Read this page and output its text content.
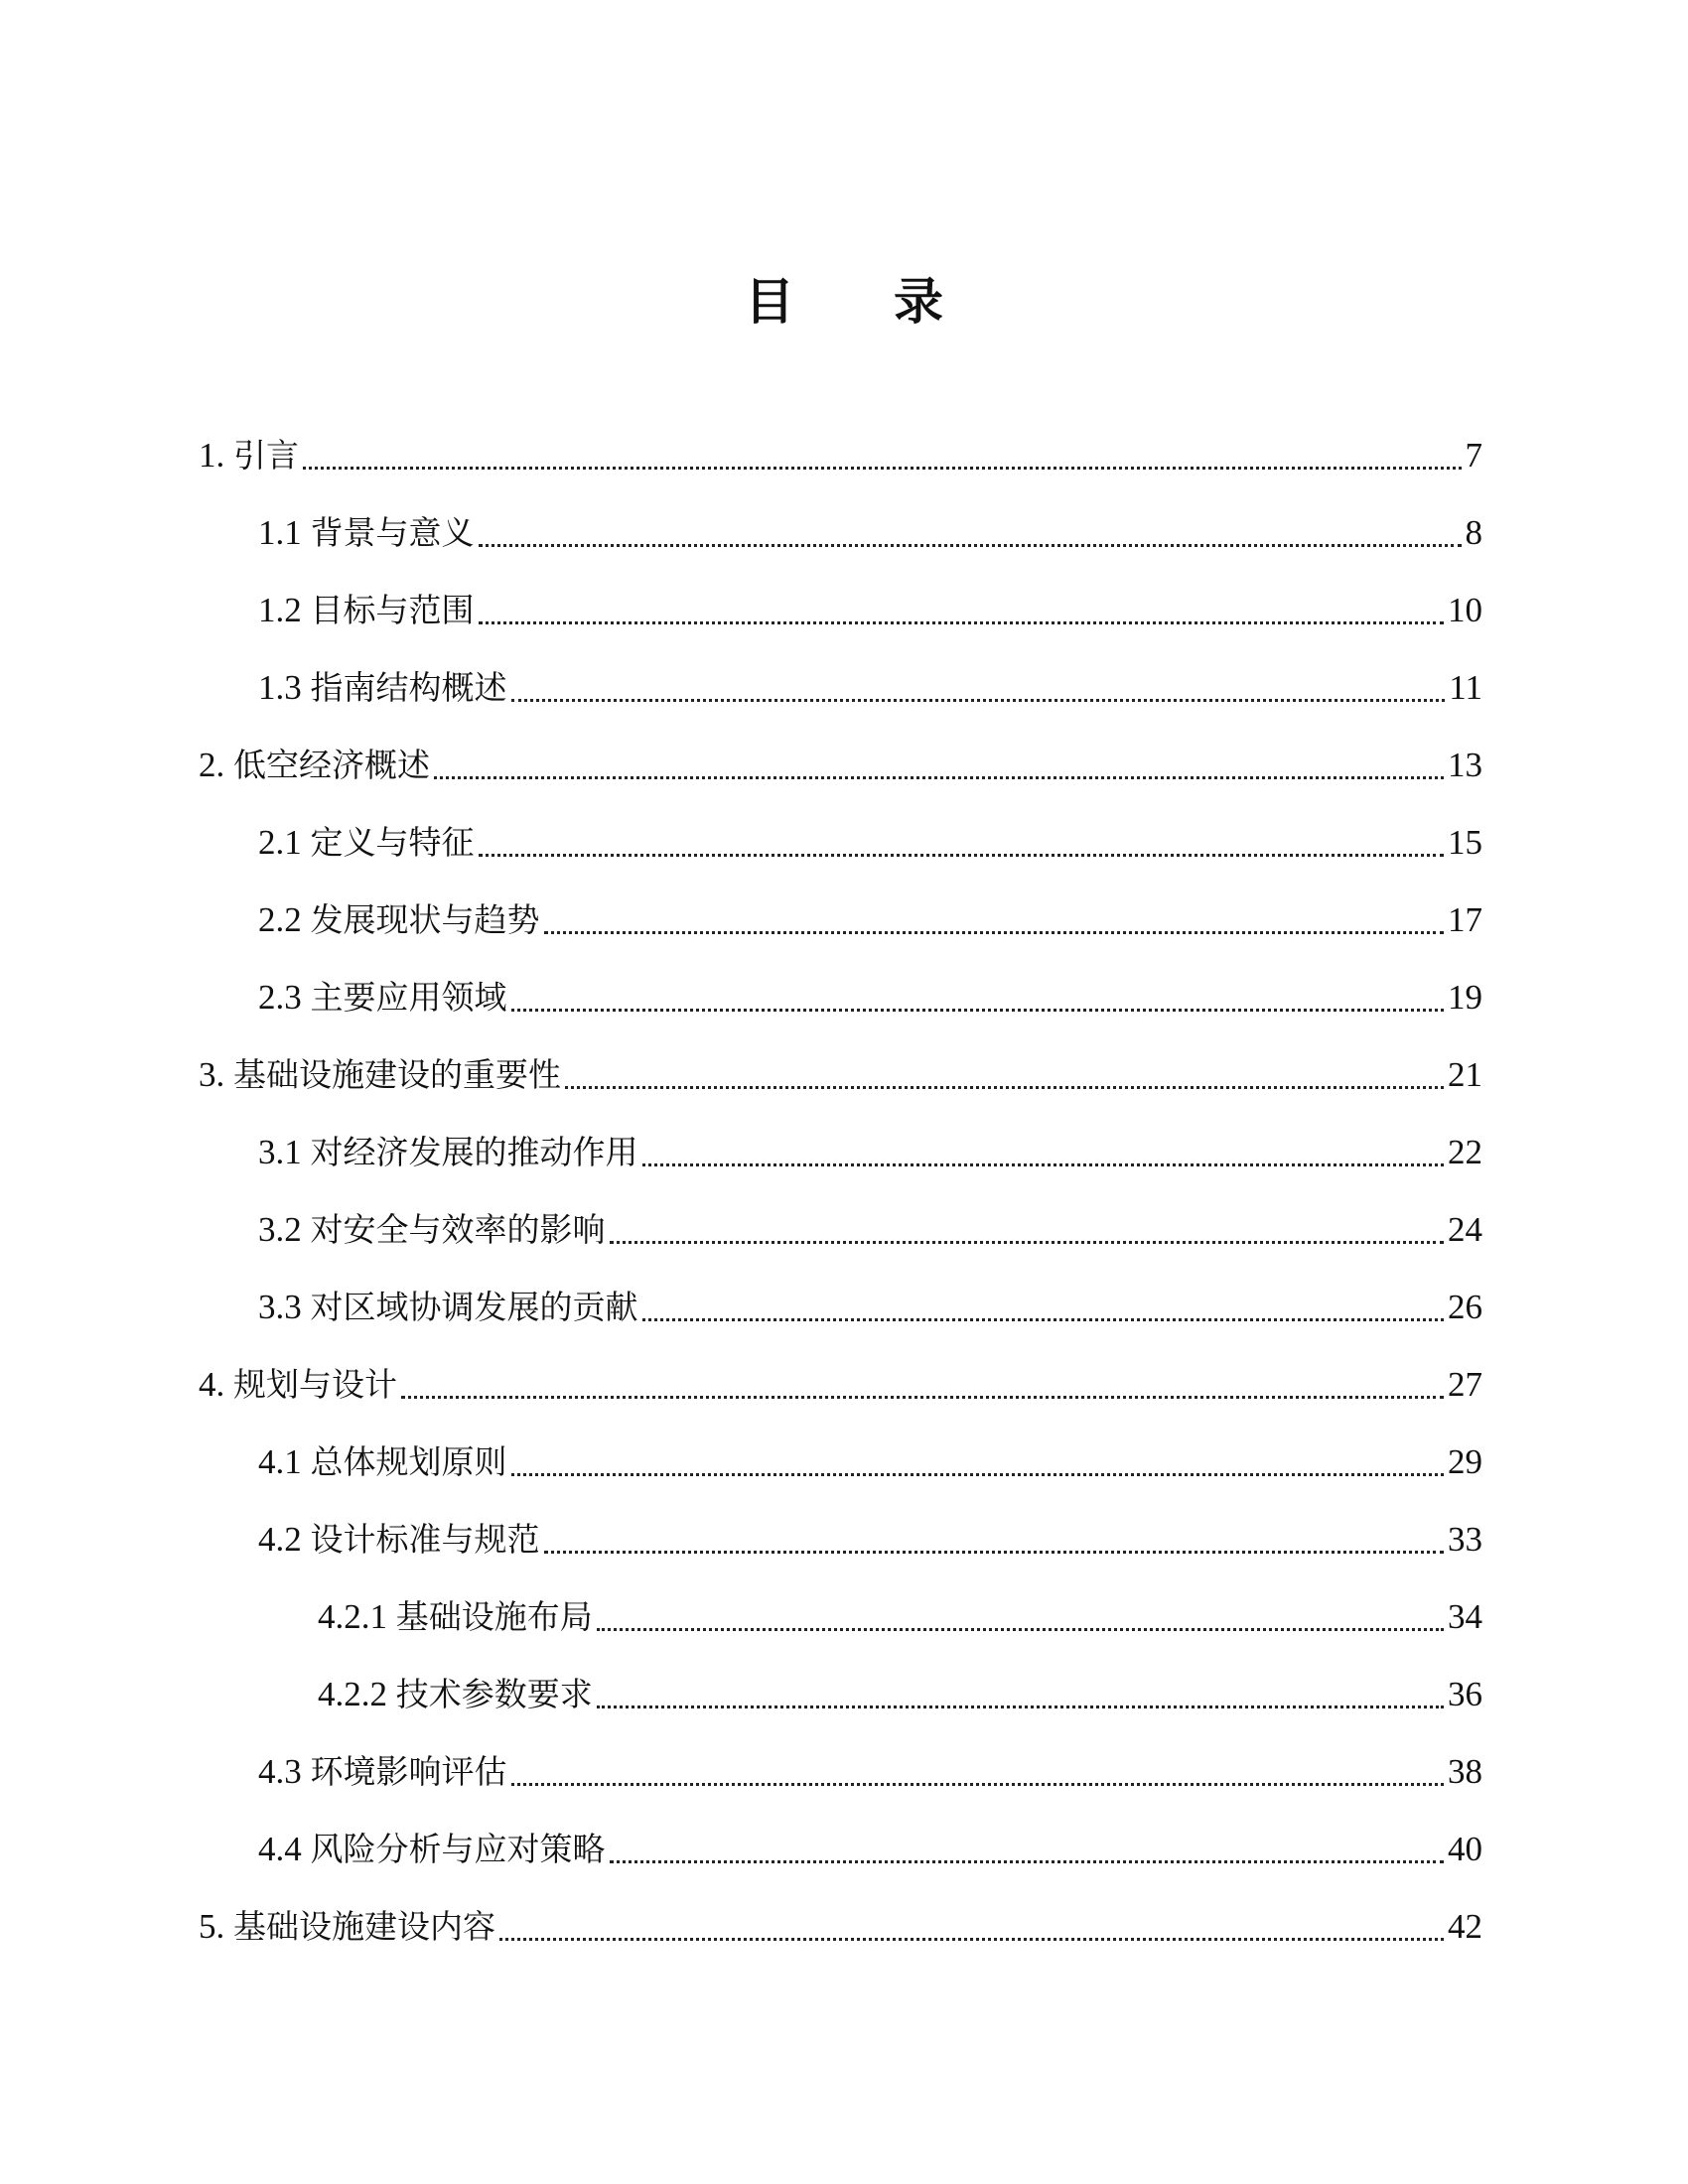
目 录
1. 引言	7
1.1 背景与意义	8
1.2 目标与范围	10
1.3 指南结构概述	11
2. 低空经济概述	13
2.1 定义与特征	15
2.2 发展现状与趋势	17
2.3 主要应用领域	19
3. 基础设施建设的重要性	21
3.1 对经济发展的推动作用	22
3.2 对安全与效率的影响	24
3.3 对区域协调发展的贡献	26
4. 规划与设计	27
4.1 总体规划原则	29
4.2 设计标准与规范	33
4.2.1 基础设施布局	34
4.2.2 技术参数要求	36
4.3 环境影响评估	38
4.4 风险分析与应对策略	40
5. 基础设施建设内容	42
